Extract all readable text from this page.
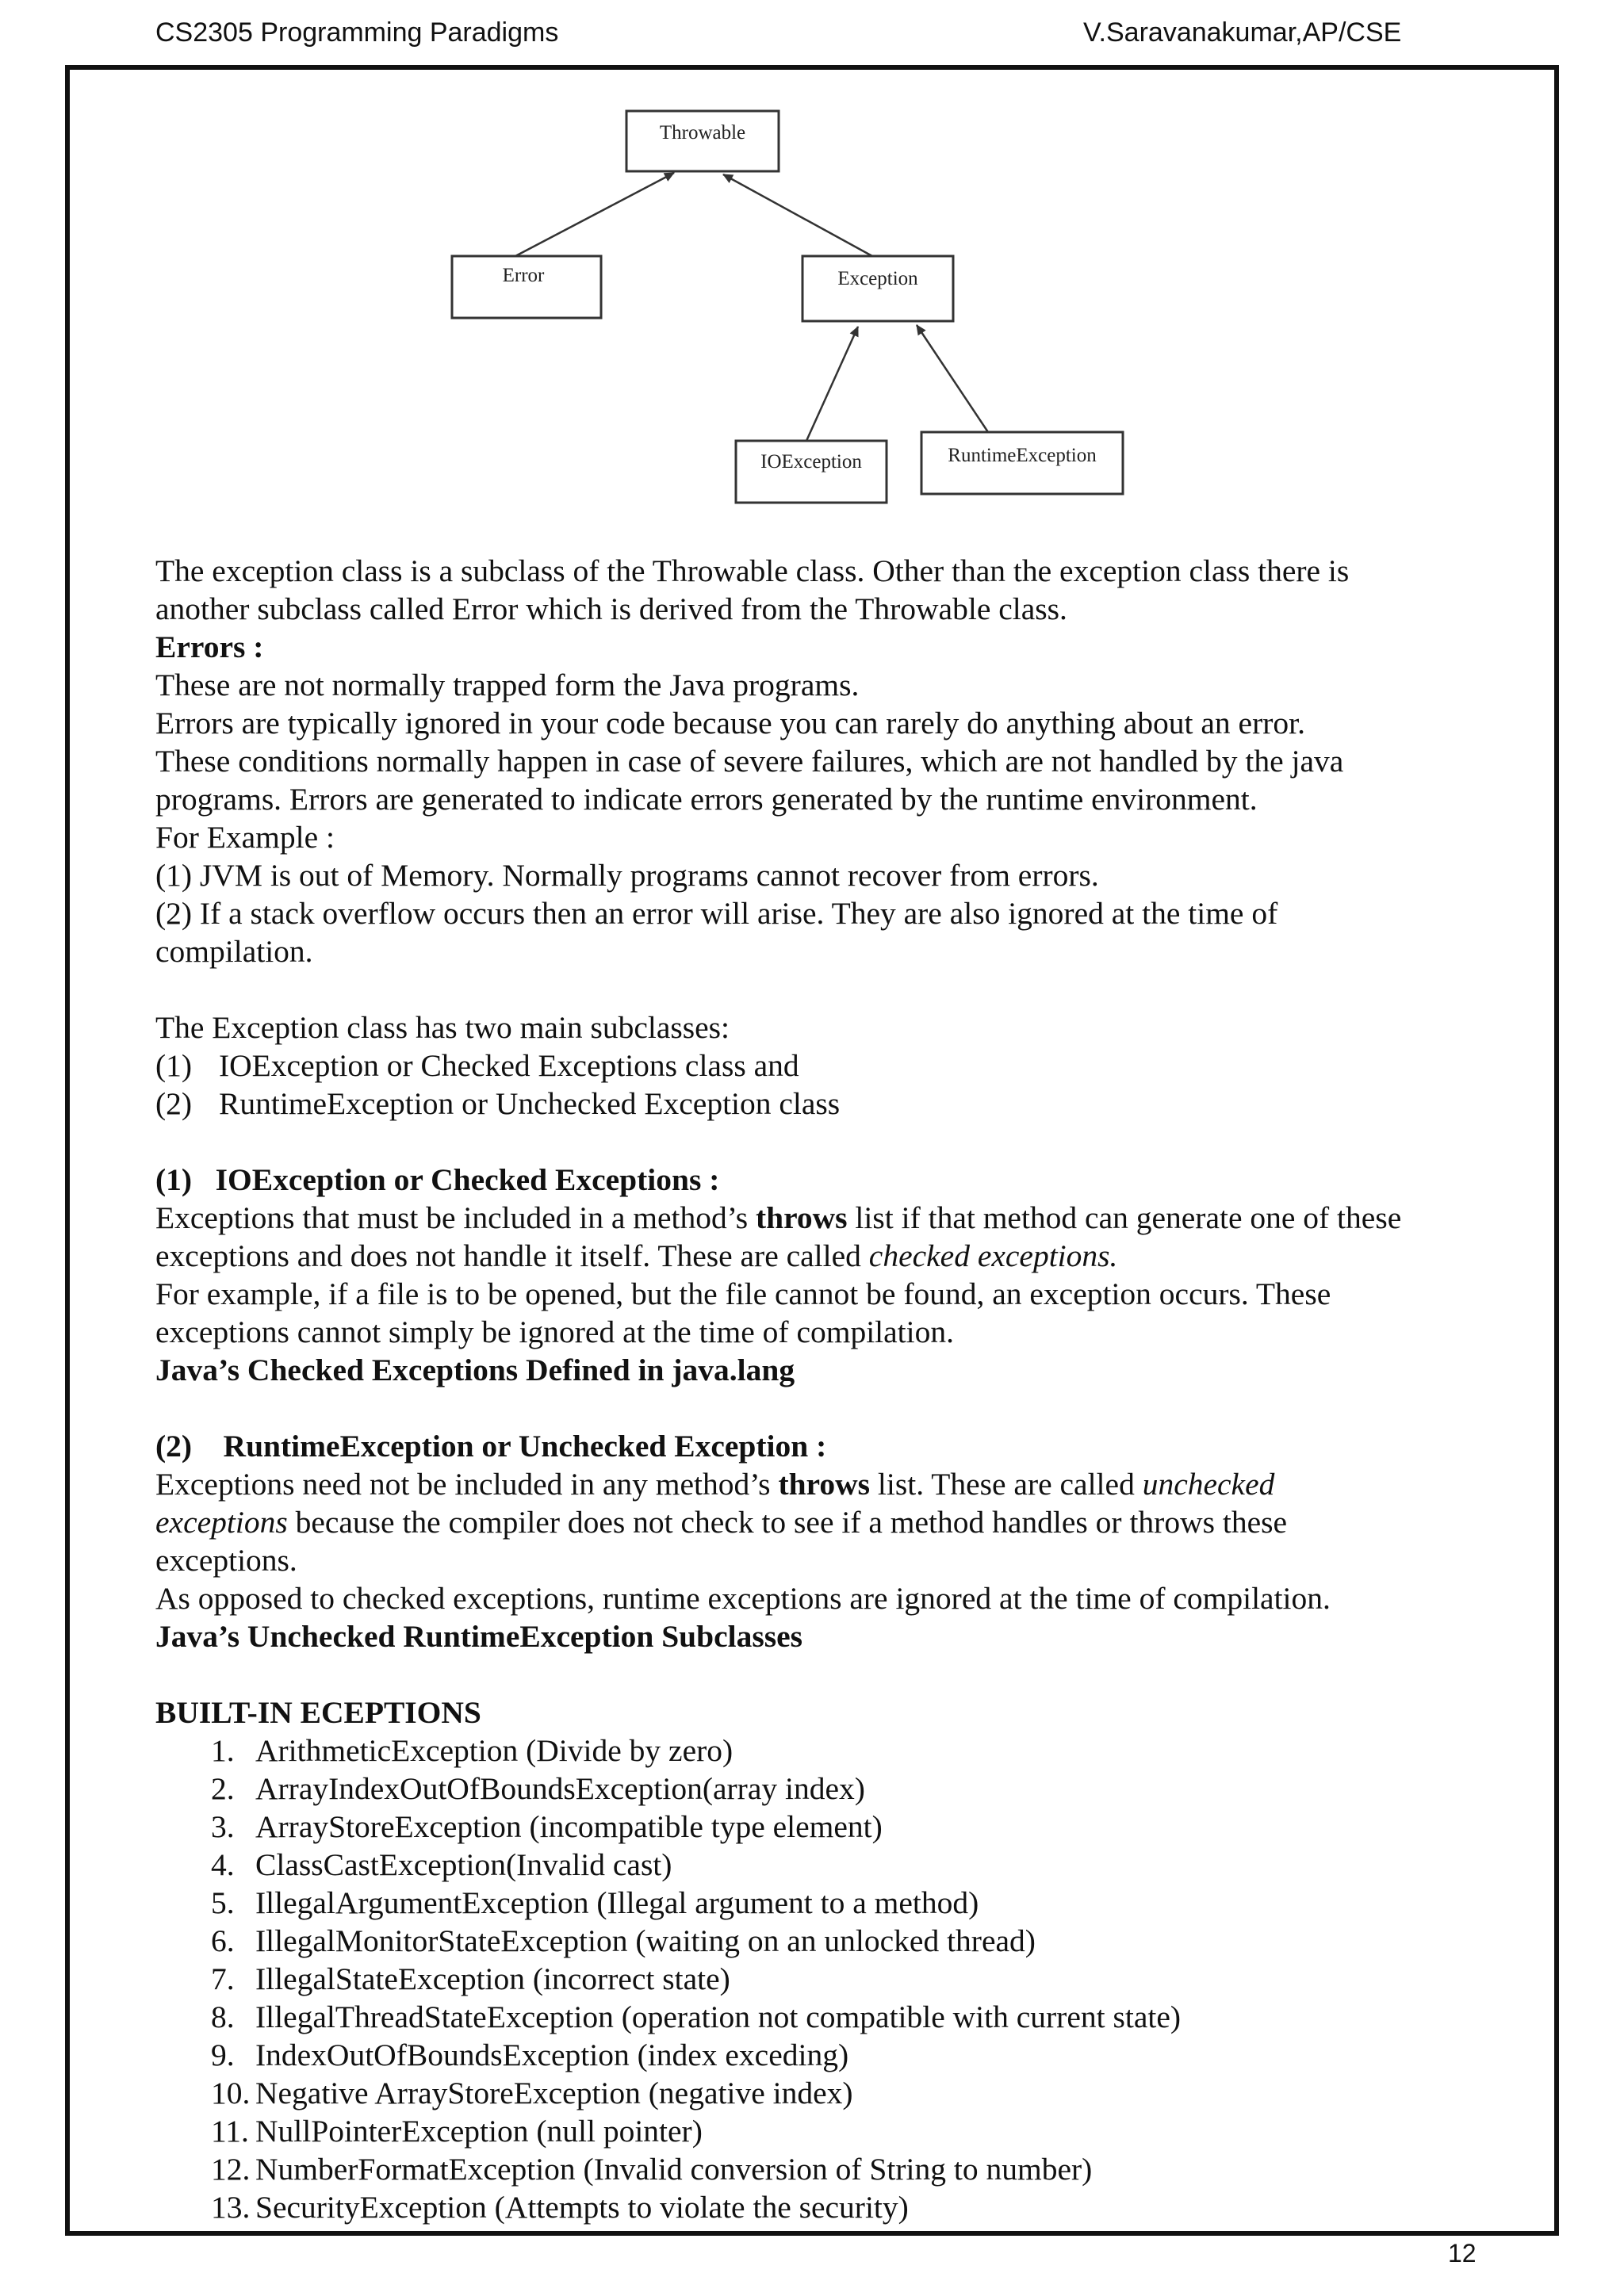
CS2305 Programming Paradigms	V.Saravanakumar,AP/CSE
Throwable
Error	Exception
IOException	RuntimeException

The exception class is a subclass of the Throwable class. Other than the exception class there is

another subclass called Error which is derived from the Throwable class.

Errors :

These are not normally trapped form the Java programs.

Errors are typically ignored in your code because you can rarely do anything about an error.

These conditions normally happen in case of severe failures, which are not handled by the java

programs. Errors are generated to indicate errors generated by the runtime environment.

For Example :

(1) JVM is out of Memory. Normally programs cannot recover from errors.

(2) If a stack overflow occurs then an error will arise. They are also ignored at the time of

compilation.

The Exception class has two main subclasses:

(1) IOException or Checked Exceptions class and
(2) RuntimeException or Unchecked Exception class

(1)   IOException or Checked Exceptions :

Exceptions that must be included in a method’s throws list if that method can generate one of these

exceptions and does not handle it itself. These are called checked exceptions.

For example, if a file is to be opened, but the file cannot be found, an exception occurs. These

exceptions cannot simply be ignored at the time of compilation.

Java’s Checked Exceptions Defined in java.lang

(2)    RuntimeException or Unchecked Exception :

Exceptions need not be included in any method’s throws list. These are called unchecked

exceptions because the compiler does not check to see if a method handles or throws these

exceptions.

As opposed to checked exceptions, runtime exceptions are ignored at the time of compilation.

Java’s Unchecked RuntimeException Subclasses

BUILT-IN ECEPTIONS

1. ArithmeticException (Divide by zero)
2. ArrayIndexOutOfBoundsException(array index)
3. ArrayStoreException (incompatible type element)
4. ClassCastException(Invalid cast)
5. IllegalArgumentException (Illegal argument to a method)
6. IllegalMonitorStateException (waiting on an unlocked thread)
7. IllegalStateException (incorrect state)
8. IllegalThreadStateException (operation not compatible with current state)
9. IndexOutOfBoundsException (index exceding)
10. Negative ArrayStoreException (negative index)
11. NullPointerException (null pointer)
12. NumberFormatException (Invalid conversion of String to number)
13. SecurityException (Attempts to violate the security)
12
